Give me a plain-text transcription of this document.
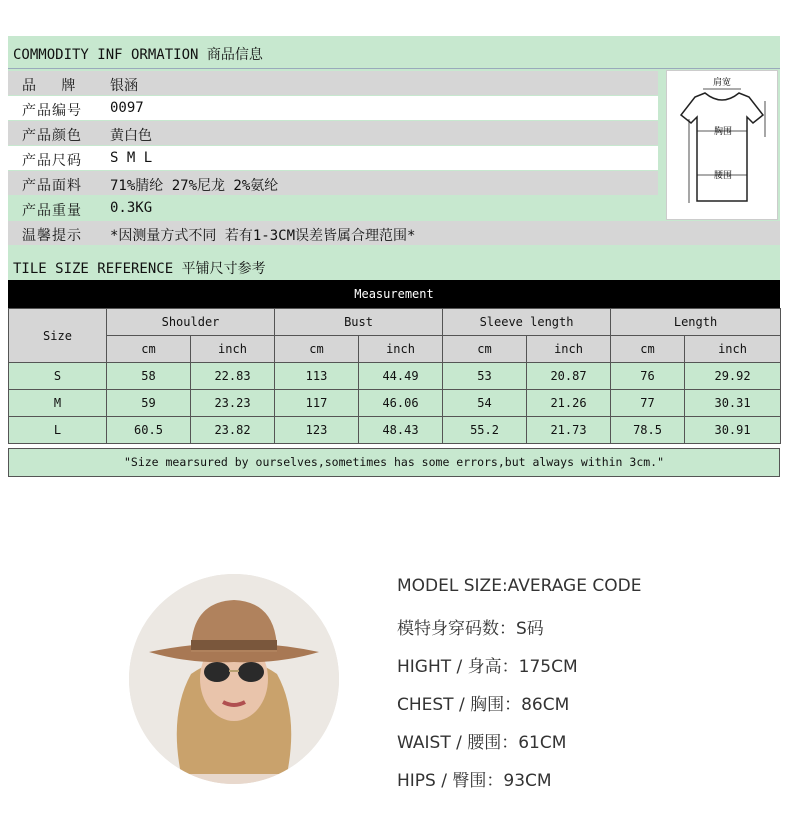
COMMODITY INF ORMATION 商品信息
品　 牌 银涵
产品编号 0097
产品颜色 黄白色
产品尺码 S M L
产品面料 71%腈纶 27%尼龙 2%氨纶
产品重量 0.3KG
温馨提示 *因测量方式不同 若有1-3CM误差皆属合理范围*
肩宽
胸围
腰围
TILE SIZE REFERENCE 平铺尺寸参考
Measurement
Size	Shoulder		Bust		Sleeve length		Length	
	cm	inch	cm	inch	cm	inch	cm	inch
S	58	22.83	113	44.49	53	20.87	76	29.92
M	59	23.23	117	46.06	54	21.26	77	30.31
L	60.5	23.82	123	48.43	55.2	21.73	78.5	30.91
"Size mearsured by ourselves,sometimes has some errors,but always within 3cm."
MODEL SIZE:AVERAGE CODE
模特身穿码数：S码
HIGHT / 身高：175CM
CHEST / 胸围：86CM
WAIST / 腰围：61CM
HIPS / 臀围：93CM
